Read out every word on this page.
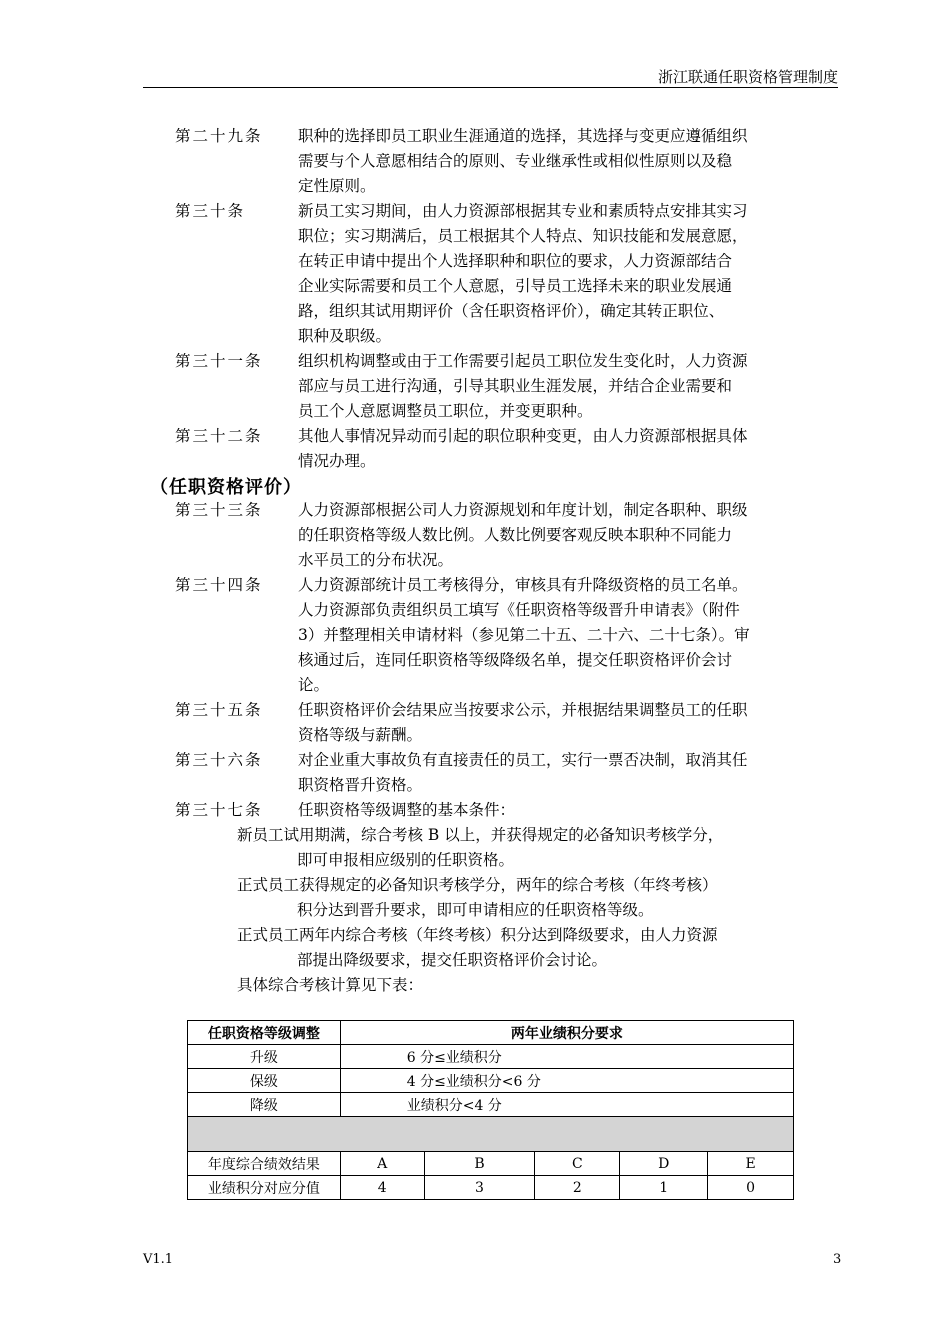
浙江联通任职资格管理制度
第二十九条 职种的选择即员工职业生涯通道的选择，其选择与变更应遵循组织
需要与个人意愿相结合的原则、专业继承性或相似性原则以及稳
定性原则。
第三十条	新员工实习期间，由人力资源部根据其专业和素质特点安排其实习
职位；实习期满后，员工根据其个人特点、知识技能和发展意愿，
在转正申请中提出个人选择职种和职位的要求，人力资源部结合
企业实际需要和员工个人意愿，引导员工选择未来的职业发展通
路，组织其试用期评价（含任职资格评价），确定其转正职位、
职种及职级。
第三十一条 组织机构调整或由于工作需要引起员工职位发生变化时，人力资源
部应与员工进行沟通，引导其职业生涯发展，并结合企业需要和
员工个人意愿调整员工职位，并变更职种。
第三十二条 其他人事情况异动而引起的职位职种变更，由人力资源部根据具体
情况办理。
（任职资格评价）
第三十三条 人力资源部根据公司人力资源规划和年度计划，制定各职种、职级
的任职资格等级人数比例。人数比例要客观反映本职种不同能力
水平员工的分布状况。
第三十四条 人力资源部统计员工考核得分，审核具有升降级资格的员工名单。
人力资源部负责组织员工填写《任职资格等级晋升申请表》（附件
3）并整理相关申请材料（参见第二十五、二十六、二十七条）。审
核通过后，连同任职资格等级降级名单，提交任职资格评价会讨
论。
第三十五条 任职资格评价会结果应当按要求公示，并根据结果调整员工的任职
资格等级与薪酬。
第三十六条 对企业重大事故负有直接责任的员工，实行一票否决制，取消其任
职资格晋升资格。
第三十七条 任职资格等级调整的基本条件：
新员工试用期满，综合考核 B 以上，并获得规定的必备知识考核学分，
即可申报相应级别的任职资格。
正式员工获得规定的必备知识考核学分，两年的综合考核（年终考核）
积分达到晋升要求，即可申请相应的任职资格等级。
正式员工两年内综合考核（年终考核）积分达到降级要求，由人力资源
部提出降级要求，提交任职资格评价会讨论。
具体综合考核计算见下表：
任职资格等级调整	两年业绩积分要求				
升级	6 分≤业绩积分				
保级	4 分≤业绩积分<6 分				
降级	业绩积分<4 分				

年度综合绩效结果	A	B	C	D	E
业绩积分对应分值	4	3	2	1	0
V1.1	3
